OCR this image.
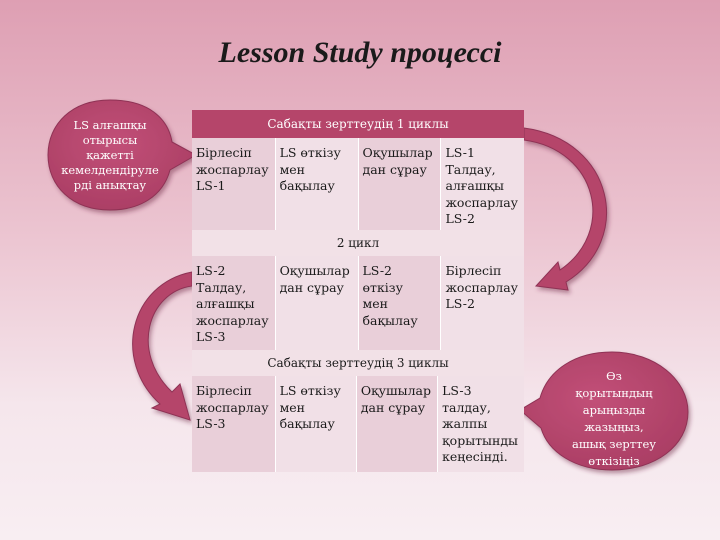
Lesson Study процессі
LS алғашқы
отырысы
қажетті
кемелдендіруле
рді анықтау
Өз
қорытындың
арыңызды
жазыңыз,
ашық зерттеу
өткізіңіз
Сабақты зерттеудің 1 циклы
Бірлесіп
жоспарлау
LS-1
LS өткізу
мен
бақылау
Оқушылар
дан сұрау
LS-1
Талдау,
алғашқы
жоспарлау
LS-2
2 цикл
LS-2
Талдау,
алғашқы
жоспарлау
LS-3
Оқушылар
дан сұрау
LS-2 өткізу
мен
бақылау
Бірлесіп
жоспарлау
LS-2
Сабақты зерттеудің 3 циклы
Бірлесіп
жоспарлау
LS-3
LS өткізу
мен
бақылау
Оқушылар
дан сұрау
LS-3
талдау,
жалпы
қорытынды
кеңесінді.
